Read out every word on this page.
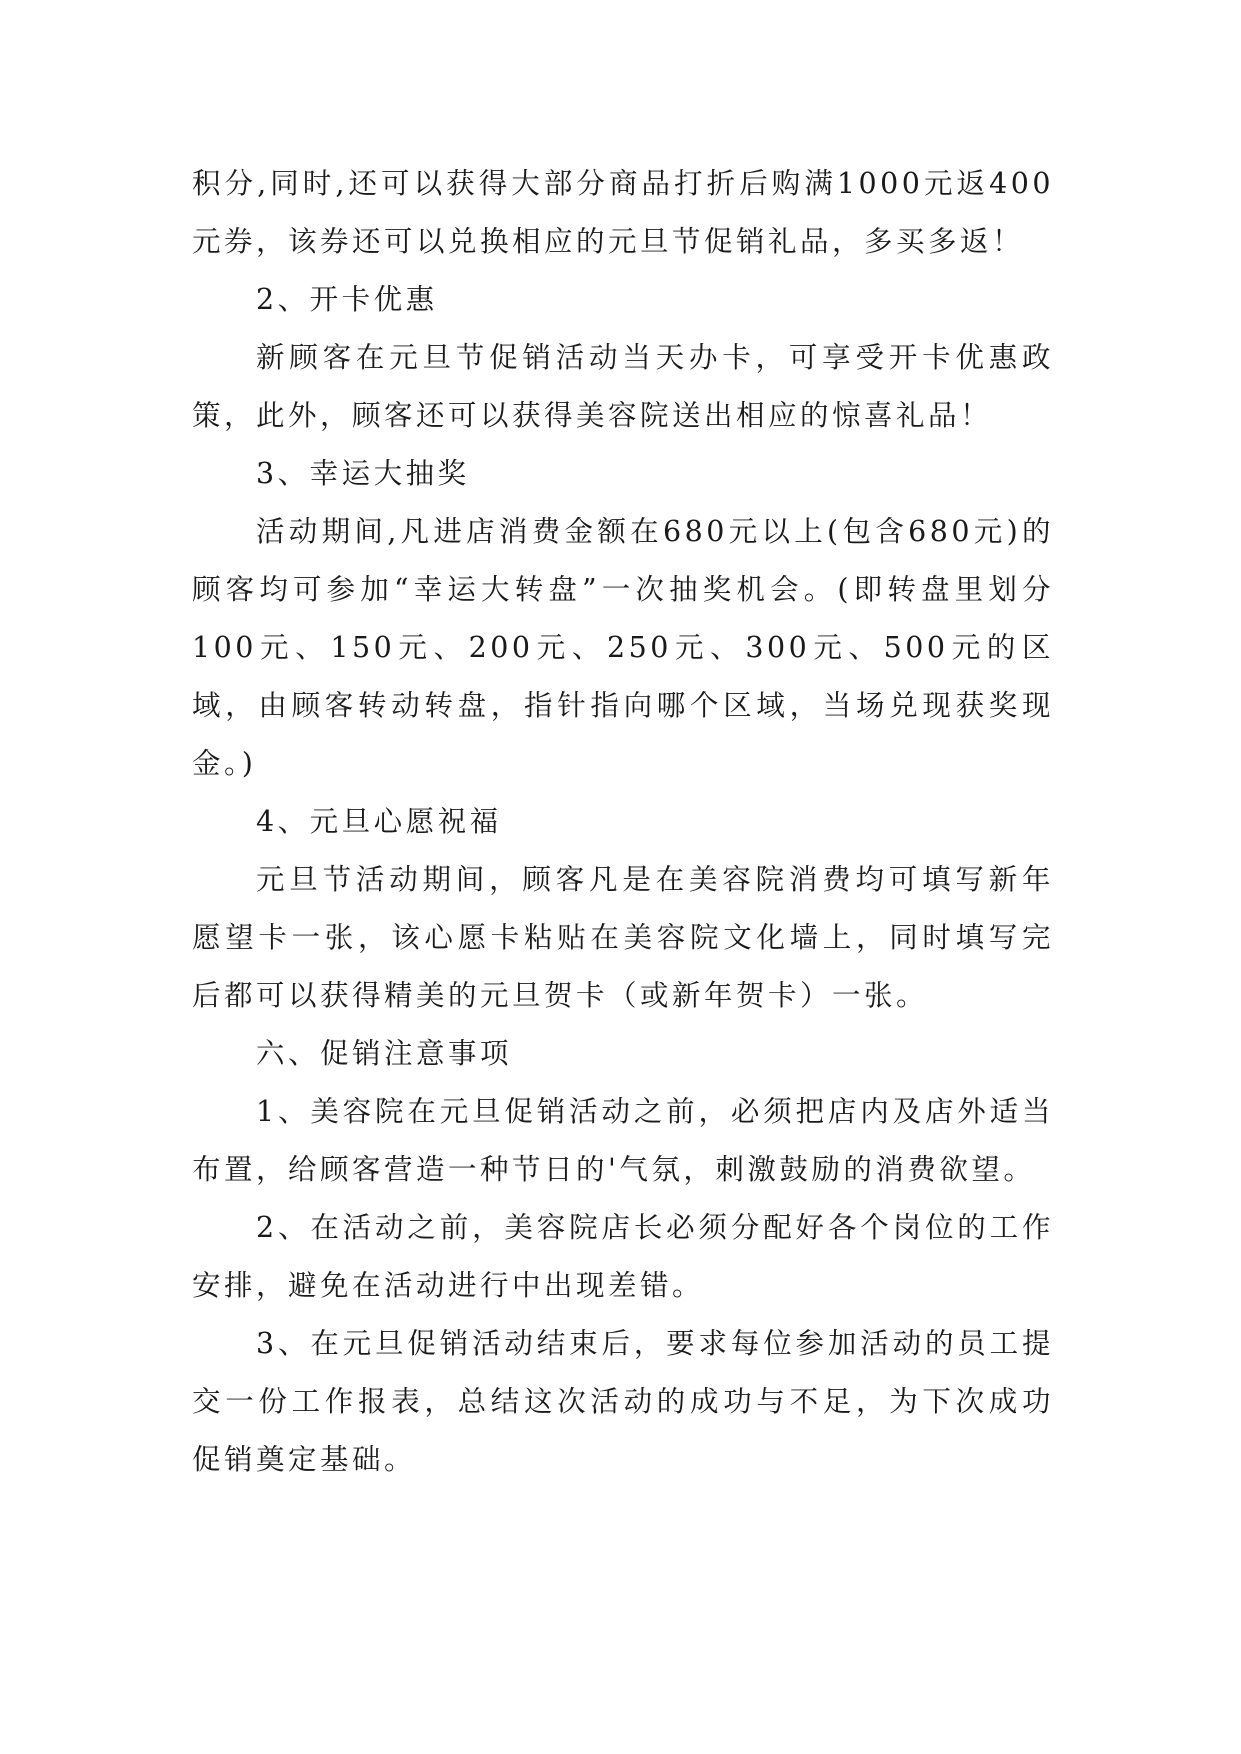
积分,同时,还可以获得大部分商品打折后购满1000元返400元券，该券还可以兑换相应的元旦节促销礼品，多买多返！

2、开卡优惠

新顾客在元旦节促销活动当天办卡，可享受开卡优惠政策，此外，顾客还可以获得美容院送出相应的惊喜礼品！

3、幸运大抽奖

活动期间,凡进店消费金额在680元以上(包含680元)的顾客均可参加“幸运大转盘”一次抽奖机会。(即转盘里划分100元、150元、200元、250元、300元、500元的区域，由顾客转动转盘，指针指向哪个区域，当场兑现获奖现金。)

4、元旦心愿祝福

元旦节活动期间，顾客凡是在美容院消费均可填写新年愿望卡一张，该心愿卡粘贴在美容院文化墙上，同时填写完后都可以获得精美的元旦贺卡（或新年贺卡）一张。

六、促销注意事项

1、美容院在元旦促销活动之前，必须把店内及店外适当布置，给顾客营造一种节日的'气氛，刺激鼓励的消费欲望。

2、在活动之前，美容院店长必须分配好各个岗位的工作安排，避免在活动进行中出现差错。

3、在元旦促销活动结束后，要求每位参加活动的员工提交一份工作报表，总结这次活动的成功与不足，为下次成功促销奠定基础。
